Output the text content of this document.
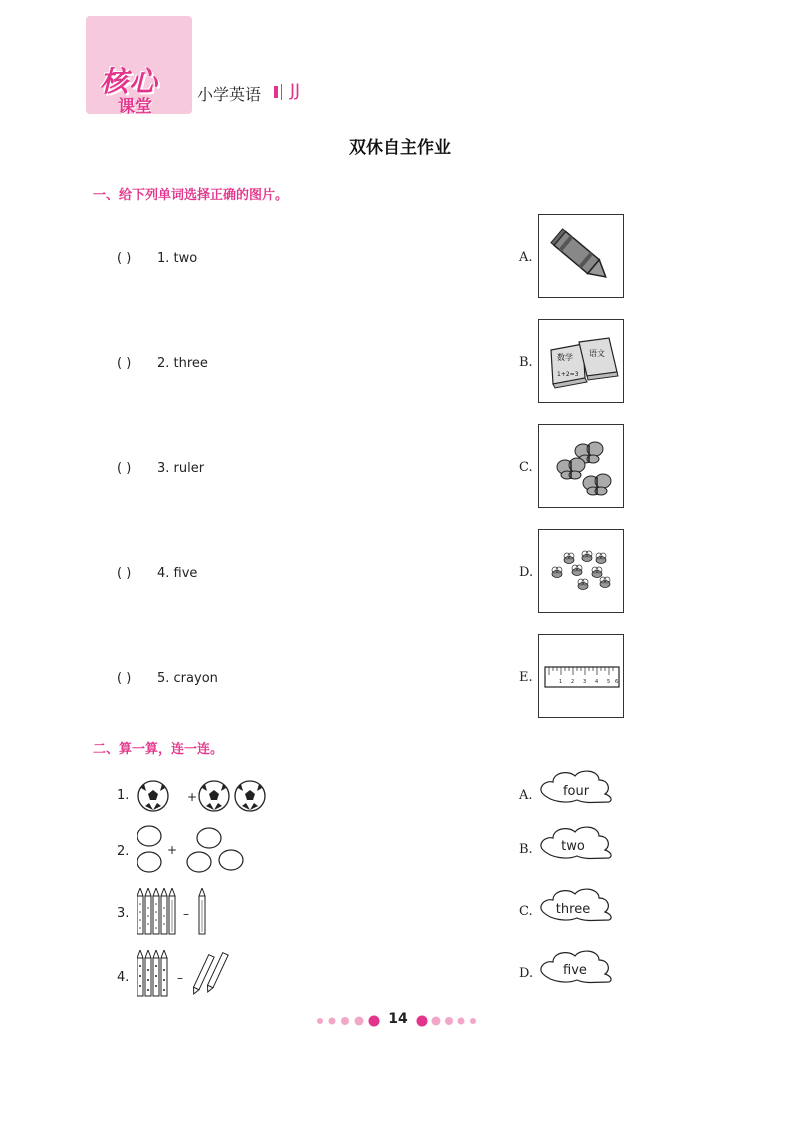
核心
课堂
小学英语 JJ
双休自主作业
一、给下列单词选择正确的图片。
( ) 1. two
( ) 2. three
( ) 3. ruler
( ) 4. five
( ) 5. crayon
A.
B.	数学
1+2=3
语文
C.
D.
E.	1 2 3 4 5 6
二、算一算，连一连。
1.	+
2.	+
3.	–
4.	–
A.	four
B.	two
C.	three
D.	five
14
